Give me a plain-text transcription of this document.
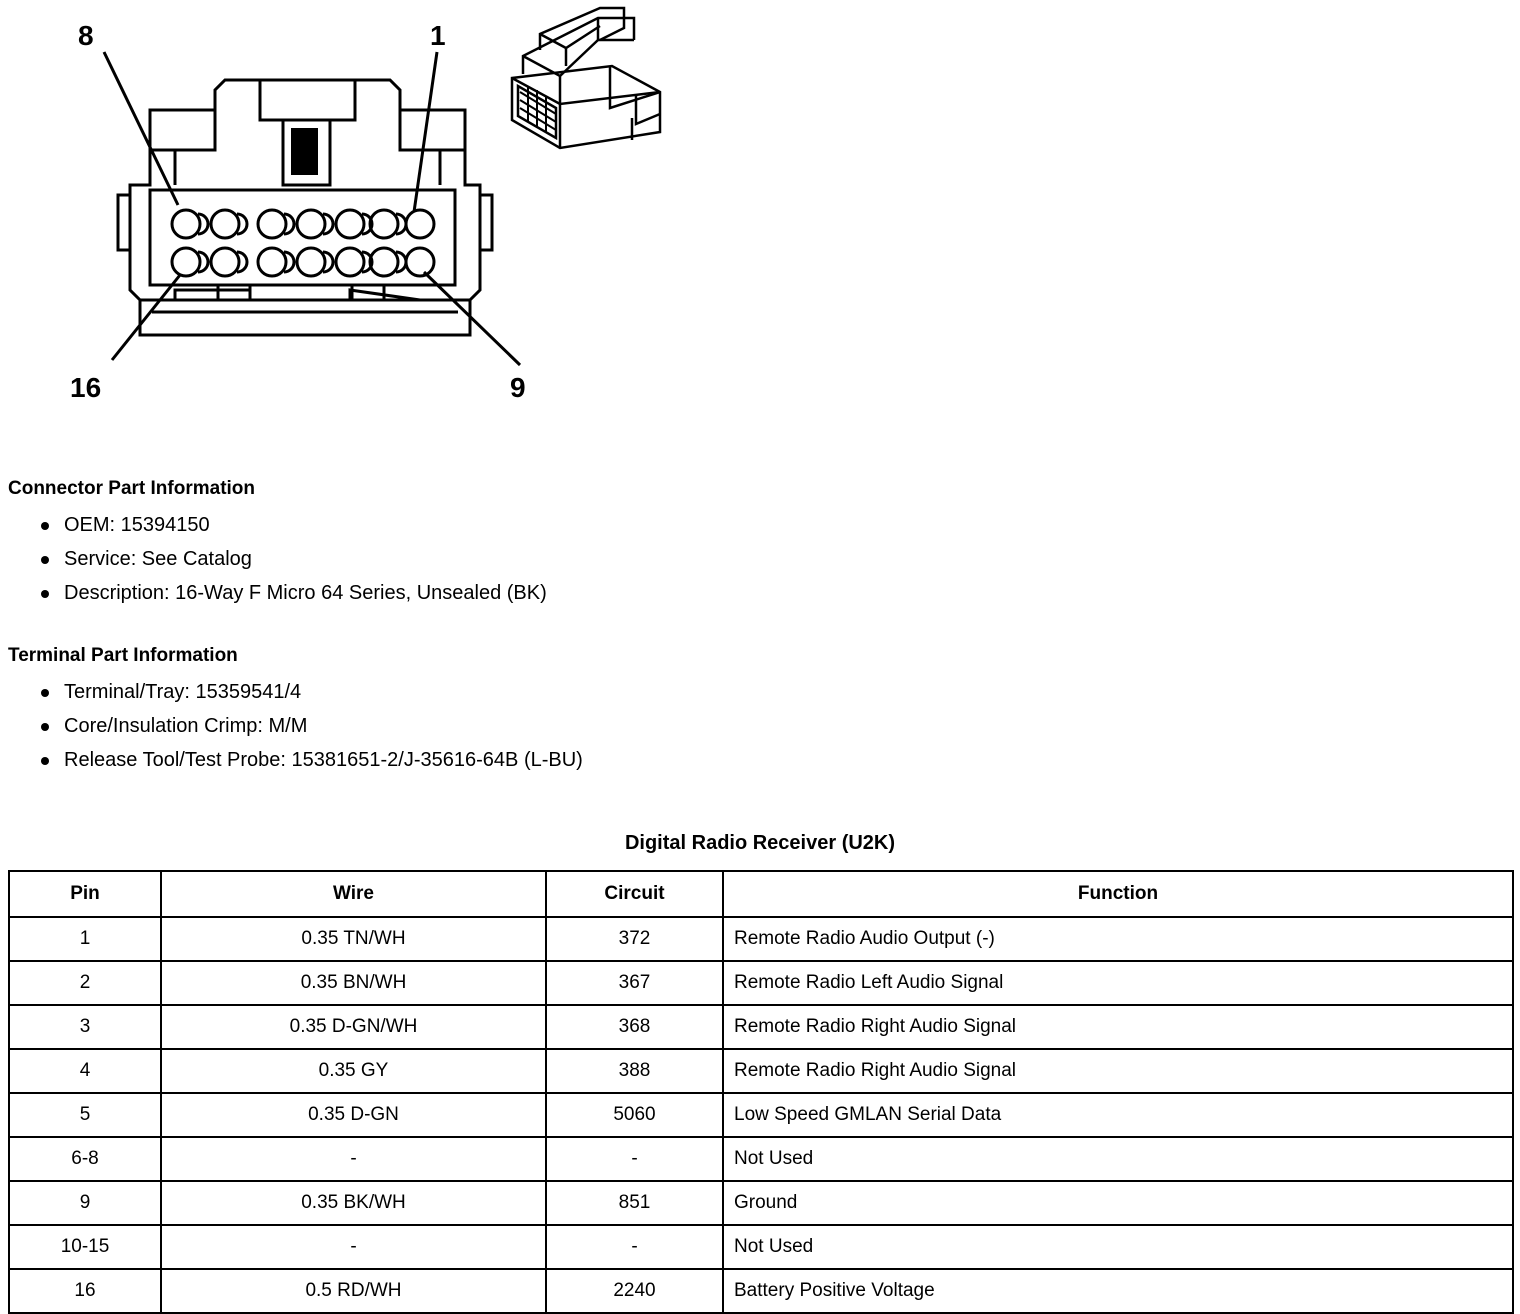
8	1
16	9
Connector Part Information
OEM: 15394150
Service: See Catalog
Description: 16-Way F Micro 64 Series, Unsealed (BK)
Terminal Part Information
Terminal/Tray: 15359541/4
Core/Insulation Crimp: M/M
Release Tool/Test Probe: 15381651-2/J-35616-64B (L-BU)
Digital Radio Receiver (U2K)
Pin	Wire	Circuit	Function
1	0.35 TN/WH	372	Remote Radio Audio Output (-)
2	0.35 BN/WH	367	Remote Radio Left Audio Signal
3	0.35 D-GN/WH	368	Remote Radio Right Audio Signal
4	0.35 GY	388	Remote Radio Right Audio Signal
5	0.35 D-GN	5060	Low Speed GMLAN Serial Data
6-8	-	-	Not Used
9	0.35 BK/WH	851	Ground
10-15	-	-	Not Used
16	0.5 RD/WH	2240	Battery Positive Voltage
